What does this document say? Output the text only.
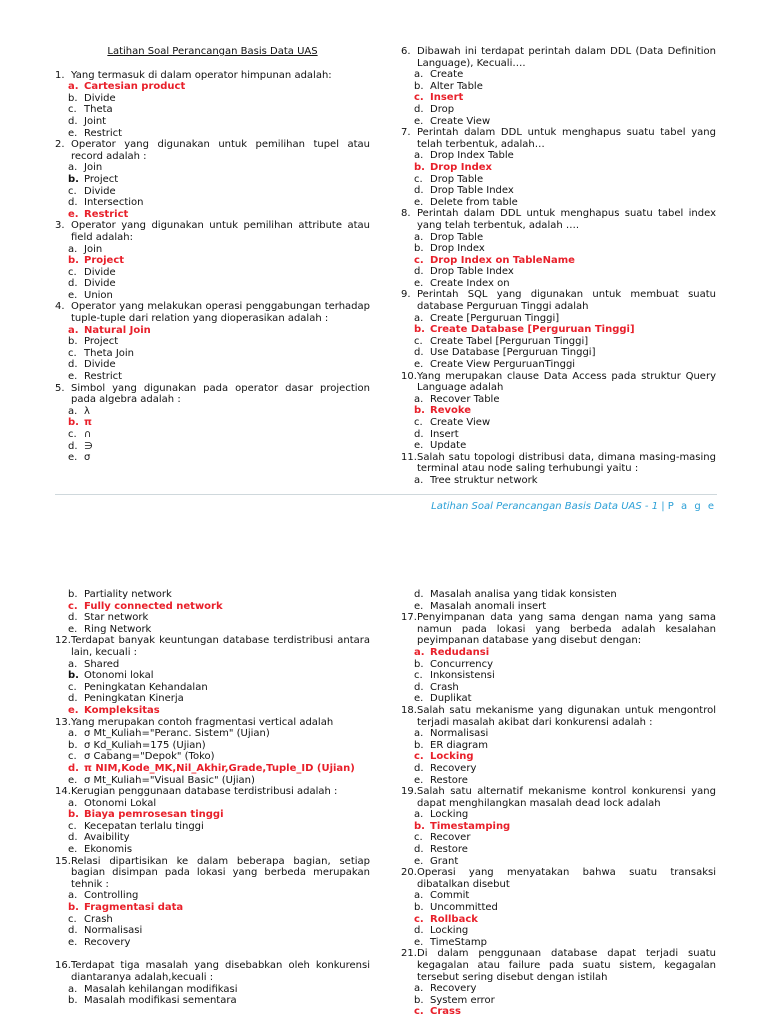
Latihan Soal Perancangan Basis Data UAS
1. Yang termasuk di dalam operator himpunan adalah:
a. Cartesian product
b. Divide
c. Theta
d. Joint
e. Restrict
2. Operator yang digunakan untuk pemilihan tupel atau record adalah :
a. Join
b. Project
c. Divide
d. Intersection
e. Restrict
3. Operator yang digunakan untuk pemilihan attribute atau field adalah:
a. Join
b. Project
c. Divide
d. Divide
e. Union
4. Operator yang melakukan operasi penggabungan terhadap tuple-tuple dari relation yang dioperasikan adalah :
a. Natural Join
b. Project
c. Theta Join
d. Divide
e. Restrict
5. Simbol yang digunakan pada operator dasar projection pada algebra adalah :
a. λ
b. π
c. ∩
d. ∋
e. σ
6. Dibawah ini terdapat perintah dalam DDL (Data Definition Language), Kecuali….
a. Create
b. Alter Table
c. Insert
d. Drop
e. Create View
7. Perintah dalam DDL untuk menghapus suatu tabel yang telah terbentuk, adalah…
a. Drop Index Table
b. Drop Index
c. Drop Table
d. Drop Table Index
e. Delete from table
8. Perintah dalam DDL untuk menghapus suatu tabel index yang telah terbentuk, adalah ….
a. Drop Table
b. Drop Index
c. Drop Index on TableName
d. Drop Table Index
e. Create Index on
9. Perintah SQL yang digunakan untuk membuat suatu database Perguruan Tinggi adalah
a. Create [Perguruan Tinggi]
b. Create Database [Perguruan Tinggi]
c. Create Tabel [Perguruan Tinggi]
d. Use Database [Perguruan Tinggi]
e. Create View PerguruanTinggi
10. Yang merupakan clause Data Access pada struktur Query Language adalah
a. Recover Table
b. Revoke
c. Create View
d. Insert
e. Update
11. Salah satu topologi distribusi data, dimana masing-masing terminal atau node saling terhubungi yaitu :
a. Tree struktur network
Latihan Soal Perancangan Basis Data UAS - 1 | P a g e
b. Partiality network
c. Fully connected network
d. Star network
e. Ring Network
12. Terdapat banyak keuntungan database terdistribusi antara lain, kecuali :
a. Shared
b. Otonomi lokal
c. Peningkatan Kehandalan
d. Peningkatan Kinerja
e. Kompleksitas
13. Yang merupakan contoh fragmentasi vertical adalah
a. σ Mt_Kuliah="Peranc. Sistem" (Ujian)
b. σ Kd_Kuliah=175 (Ujian)
c. σ Cabang="Depok" (Toko)
d. π NIM,Kode_MK,Nil_Akhir,Grade,Tuple_ID (Ujian)
e. σ Mt_Kuliah="Visual Basic" (Ujian)
14. Kerugian penggunaan database terdistribusi adalah :
a. Otonomi Lokal
b. Biaya pemrosesan tinggi
c. Kecepatan terlalu tinggi
d. Avaibility
e. Ekonomis
15. Relasi dipartisikan ke dalam beberapa bagian, setiap bagian disimpan pada lokasi yang berbeda merupakan tehnik :
a. Controlling
b. Fragmentasi data
c. Crash
d. Normalisasi
e. Recovery
16. Terdapat tiga masalah yang disebabkan oleh konkurensi diantaranya adalah,kecuali :
a. Masalah kehilangan modifikasi
b. Masalah modifikasi sementara
d. Masalah analisa yang tidak konsisten
e. Masalah anomali insert
17. Penyimpanan data yang sama dengan nama yang sama namun pada lokasi yang berbeda adalah kesalahan peyimpanan database yang disebut dengan:
a. Redudansi
b. Concurrency
c. Inkonsistensi
d. Crash
e. Duplikat
18. Salah satu mekanisme yang digunakan untuk mengontrol terjadi masalah akibat dari konkurensi adalah :
a. Normalisasi
b. ER diagram
c. Locking
d. Recovery
e. Restore
19. Salah satu alternatif mekanisme kontrol konkurensi yang dapat menghilangkan masalah dead lock adalah
a. Locking
b. Timestamping
c. Recover
d. Restore
e. Grant
20. Operasi yang menyatakan bahwa suatu transaksi dibatalkan disebut
a. Commit
b. Uncommitted
c. Rollback
d. Locking
e. TimeStamp
21. Di dalam penggunaan database dapat terjadi suatu kegagalan atau failure pada suatu sistem, kegagalan tersebut sering disebut dengan istilah
a. Recovery
b. System error
c. Crass
